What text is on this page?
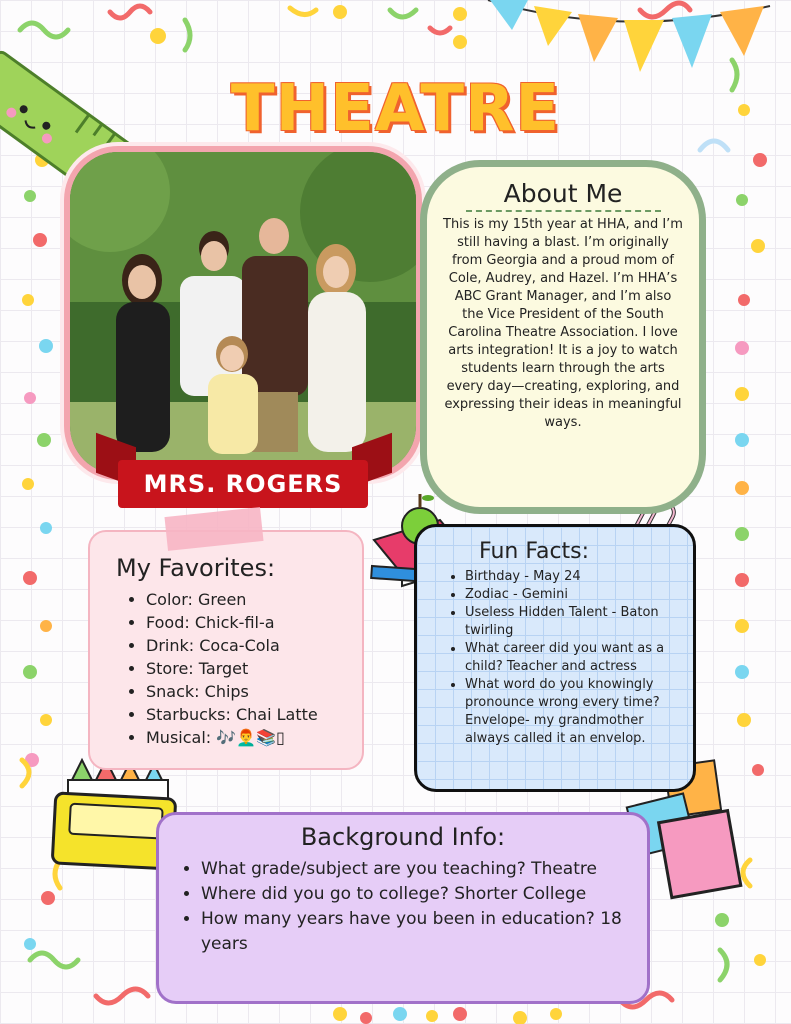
THEATRE
MRS. ROGERS
About Me

This is my 15th year at HHA, and I’m still having a blast. I’m originally from Georgia and a proud mom of Cole, Audrey, and Hazel. I’m HHA’s ABC Grant Manager, and I’m also the Vice President of the South Carolina Theatre Association. I love arts integration! It is a joy to watch students learn through the arts every day—creating, exploring, and expressing their ideas in meaningful ways.

My Favorites:
• Color: Green
• Food: Chick-fil-a
• Drink: Coca-Cola
• Store: Target
• Snack: Chips
• Starbucks: Chai Latte
• Musical: 🎶👨‍🦰📚▯
Fun Facts:
• Birthday - May 24
• Zodiac - Gemini
• Useless Hidden Talent - Baton twirling
• What career did you want as a child? Teacher and actress
• What word do you knowingly pronounce wrong every time? Envelope- my grandmother always called it an envelop.
Background Info:
• What grade/subject are you teaching? Theatre
• Where did you go to college? Shorter College
• How many years have you been in education? 18 years
